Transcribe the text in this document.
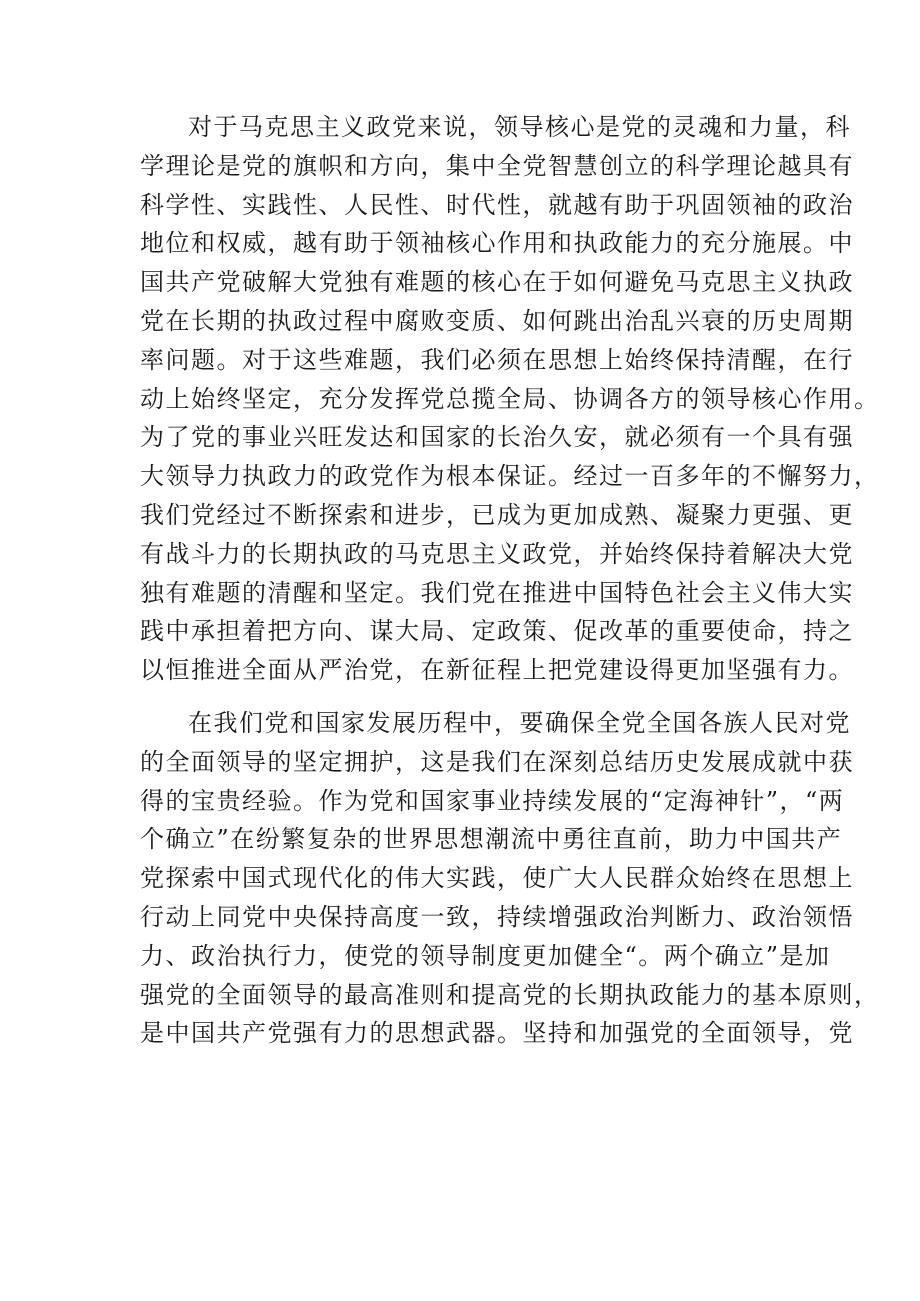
对于马克思主义政党来说，领导核心是党的灵魂和力量，科
学理论是党的旗帜和方向，集中全党智慧创立的科学理论越具有
科学性、实践性、人民性、时代性，就越有助于巩固领袖的政治
地位和权威，越有助于领袖核心作用和执政能力的充分施展。中
国共产党破解大党独有难题的核心在于如何避免马克思主义执政
党在长期的执政过程中腐败变质、如何跳出治乱兴衰的历史周期
率问题。对于这些难题，我们必须在思想上始终保持清醒，在行
动上始终坚定，充分发挥党总揽全局、协调各方的领导核心作用。
为了党的事业兴旺发达和国家的长治久安，就必须有一个具有强
大领导力执政力的政党作为根本保证。经过一百多年的不懈努力，
我们党经过不断探索和进步，已成为更加成熟、凝聚力更强、更
有战斗力的长期执政的马克思主义政党，并始终保持着解决大党
独有难题的清醒和坚定。我们党在推进中国特色社会主义伟大实
践中承担着把方向、谋大局、定政策、促改革的重要使命，持之
以恒推进全面从严治党，在新征程上把党建设得更加坚强有力。

在我们党和国家发展历程中，要确保全党全国各族人民对党
的全面领导的坚定拥护，这是我们在深刻总结历史发展成就中获
得的宝贵经验。作为党和国家事业持续发展的“定海神针”，“两
个确立”在纷繁复杂的世界思想潮流中勇往直前，助力中国共产
党探索中国式现代化的伟大实践，使广大人民群众始终在思想上
行动上同党中央保持高度一致，持续增强政治判断力、政治领悟
力、政治执行力，使党的领导制度更加健全“。两个确立”是加
强党的全面领导的最高准则和提高党的长期执政能力的基本原则，
是中国共产党强有力的思想武器。坚持和加强党的全面领导，党
